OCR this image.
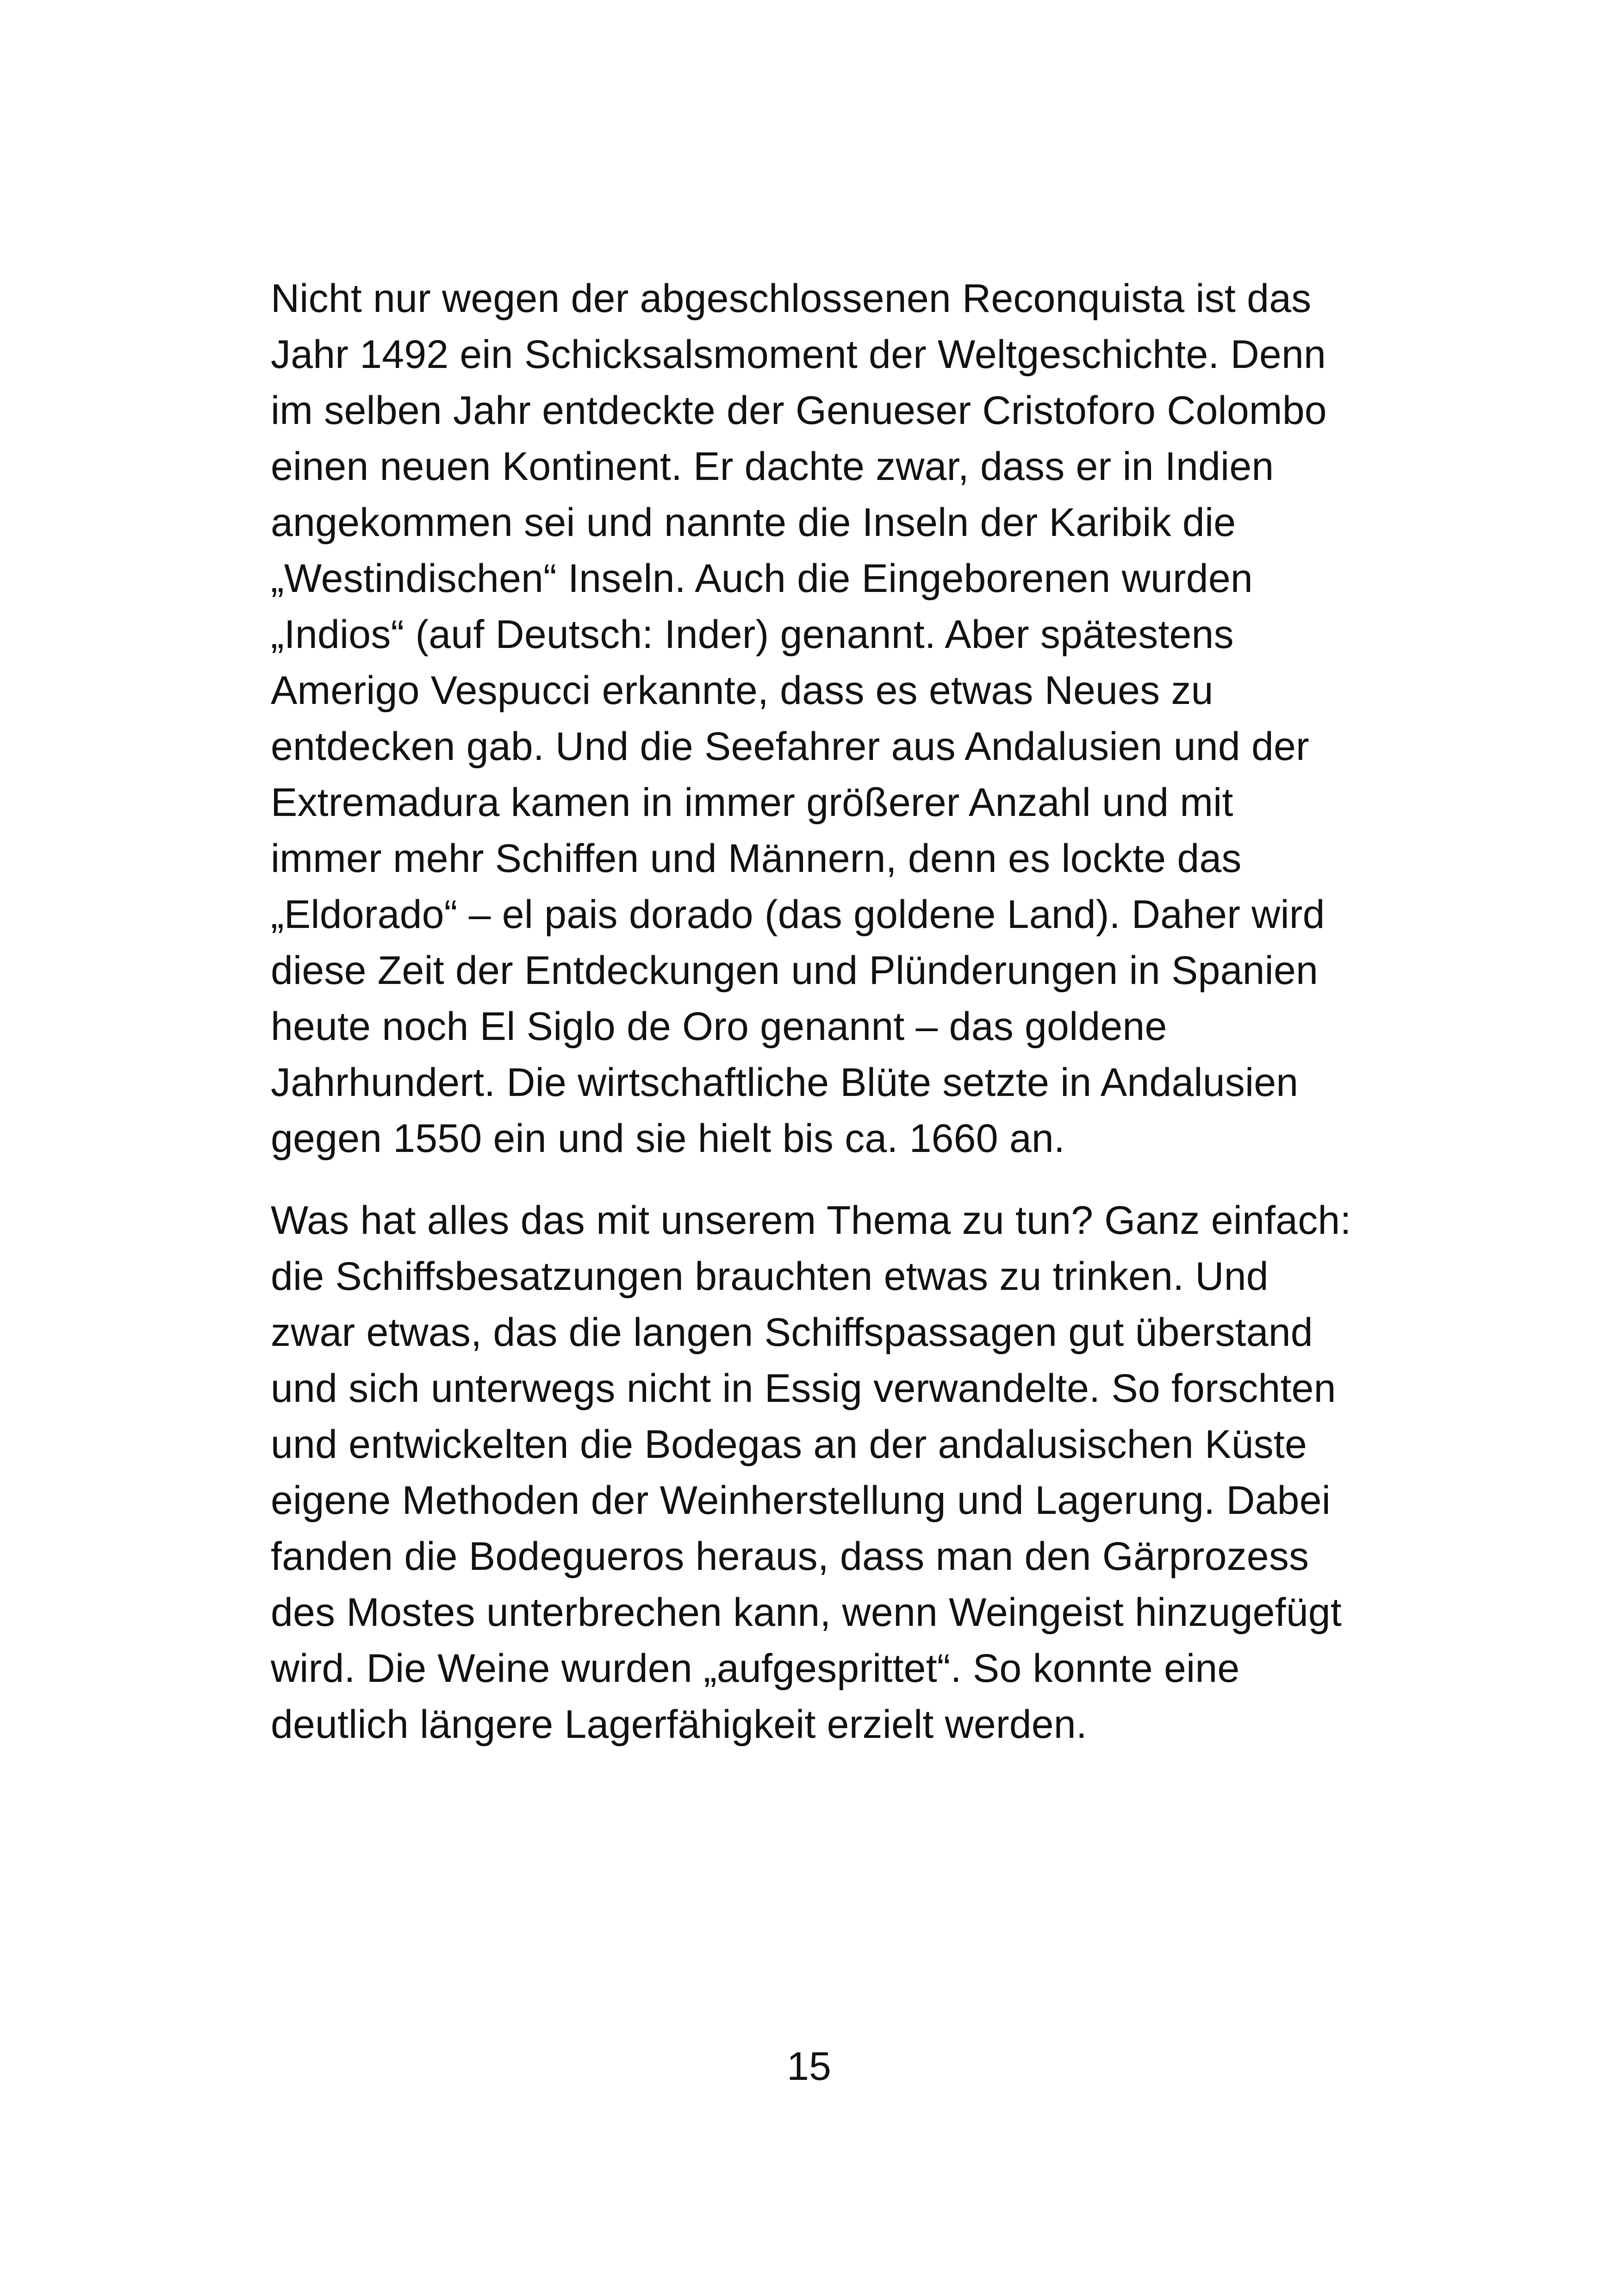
Nicht nur wegen der abgeschlossenen Reconquista ist das
Jahr 1492 ein Schicksalsmoment der Weltgeschichte. Denn
im selben Jahr entdeckte der Genueser Cristoforo Colombo
einen neuen Kontinent. Er dachte zwar, dass er in Indien
angekommen sei und nannte die Inseln der Karibik die
„Westindischen“ Inseln. Auch die Eingeborenen wurden
„Indios“ (auf Deutsch: Inder) genannt. Aber spätestens
Amerigo Vespucci erkannte, dass es etwas Neues zu
entdecken gab. Und die Seefahrer aus Andalusien und der
Extremadura kamen in immer größerer Anzahl und mit
immer mehr Schiffen und Männern, denn es lockte das
„Eldorado“ – el pais dorado (das goldene Land). Daher wird
diese Zeit der Entdeckungen und Plünderungen in Spanien
heute noch El Siglo de Oro genannt – das goldene
Jahrhundert. Die wirtschaftliche Blüte setzte in Andalusien
gegen 1550 ein und sie hielt bis ca. 1660 an.
Was hat alles das mit unserem Thema zu tun? Ganz einfach:
die Schiffsbesatzungen brauchten etwas zu trinken. Und
zwar etwas, das die langen Schiffspassagen gut überstand
und sich unterwegs nicht in Essig verwandelte. So forschten
und entwickelten die Bodegas an der andalusischen Küste
eigene Methoden der Weinherstellung und Lagerung. Dabei
fanden die Bodegueros heraus, dass man den Gärprozess
des Mostes unterbrechen kann, wenn Weingeist hinzugefügt
wird. Die Weine wurden „aufgesprittet“. So konnte eine
deutlich längere Lagerfähigkeit erzielt werden.
15
